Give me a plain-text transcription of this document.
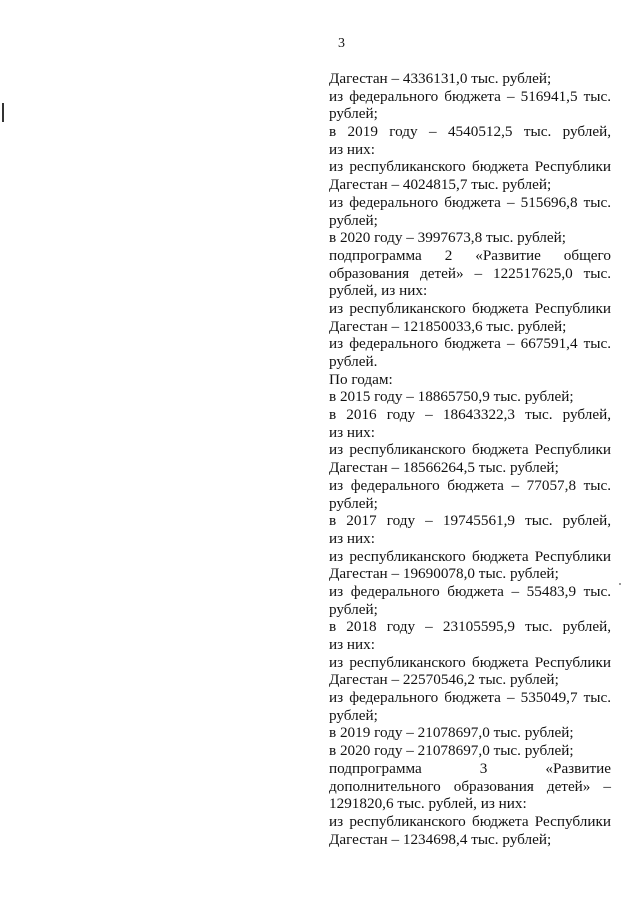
3
Дагестан – 4336131,0 тыс. рублей;
из федерального бюджета – 516941,5 тыс.
рублей;
в 2019 году – 4540512,5 тыс. рублей,
из них:
из республиканского бюджета Республики
Дагестан – 4024815,7 тыс. рублей;
из федерального бюджета – 515696,8 тыс.
рублей;
в 2020 году – 3997673,8 тыс. рублей;
подпрограмма 2 «Развитие общего
образования детей» – 122517625,0 тыс.
рублей, из них:
из республиканского бюджета Республики
Дагестан – 121850033,6 тыс. рублей;
из федерального бюджета – 667591,4 тыс.
рублей.
По годам:
в 2015 году – 18865750,9 тыс. рублей;
в 2016 году – 18643322,3 тыс. рублей,
из них:
из республиканского бюджета Республики
Дагестан – 18566264,5 тыс. рублей;
из федерального бюджета – 77057,8 тыс.
рублей;
в 2017 году – 19745561,9 тыс. рублей,
из них:
из республиканского бюджета Республики
Дагестан – 19690078,0 тыс. рублей;
из федерального бюджета – 55483,9 тыс.
рублей;
в 2018 году – 23105595,9 тыс. рублей,
из них:
из республиканского бюджета Республики
Дагестан – 22570546,2 тыс. рублей;
из федерального бюджета – 535049,7 тыс.
рублей;
в 2019 году – 21078697,0 тыс. рублей;
в 2020 году – 21078697,0 тыс. рублей;
подпрограмма 3 «Развитие
дополнительного образования детей» –
1291820,6 тыс. рублей, из них:
из республиканского бюджета Республики
Дагестан – 1234698,4 тыс. рублей;
